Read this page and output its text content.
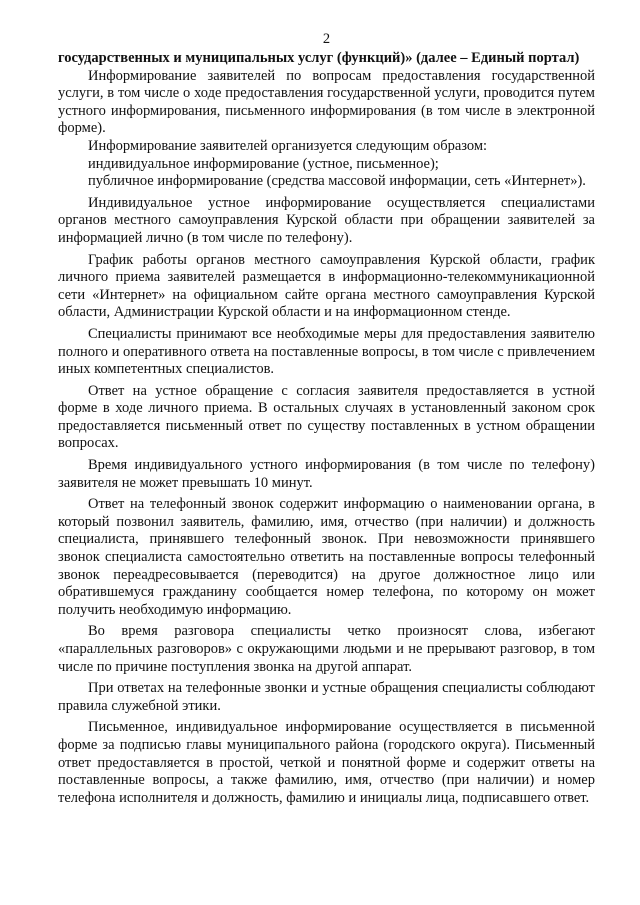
2

государственных и муниципальных услуг (функций)» (далее – Единый портал)

Информирование заявителей по вопросам предоставления государственной услуги, в том числе о ходе предоставления государственной услуги, проводится путем устного информирования, письменного информирования (в том числе в электронной форме).

Информирование заявителей организуется следующим образом:

индивидуальное информирование (устное, письменное);

публичное информирование (средства массовой информации, сеть «Интернет»).

Индивидуальное устное информирование осуществляется специалистами органов местного самоуправления Курской области при обращении заявителей за информацией лично (в том числе по телефону).

График работы органов местного самоуправления Курской области, график личного приема заявителей размещается в информационно-телекоммуникационной сети «Интернет» на официальном сайте органа местного самоуправления Курской области, Администрации Курской области и на информационном стенде.

Специалисты принимают все необходимые меры для предоставления заявителю полного и оперативного ответа на поставленные вопросы, в том числе с привлечением иных компетентных специалистов.

Ответ на устное обращение с согласия заявителя предоставляется в устной форме в ходе личного приема. В остальных случаях в установленный законом срок предоставляется письменный ответ по существу поставленных в устном обращении вопросах.

Время индивидуального устного информирования (в том числе по телефону) заявителя не может превышать 10 минут.

Ответ на телефонный звонок содержит информацию о наименовании органа, в который позвонил заявитель, фамилию, имя, отчество (при наличии) и должность специалиста, принявшего телефонный звонок. При невозможности принявшего звонок специалиста самостоятельно ответить на поставленные вопросы телефонный звонок переадресовывается (переводится) на другое должностное лицо или обратившемуся гражданину сообщается номер телефона, по которому он может получить необходимую информацию.

Во время разговора специалисты четко произносят слова, избегают «параллельных разговоров» с окружающими людьми и не прерывают разговор, в том числе по причине поступления звонка на другой аппарат.

При ответах на телефонные звонки и устные обращения специалисты соблюдают правила служебной этики.

Письменное, индивидуальное информирование осуществляется в письменной форме за подписью главы муниципального района (городского округа). Письменный ответ предоставляется в простой, четкой и понятной форме и содержит ответы на поставленные вопросы, а также фамилию, имя, отчество (при наличии) и номер телефона исполнителя и должность, фамилию и инициалы лица, подписавшего ответ.
